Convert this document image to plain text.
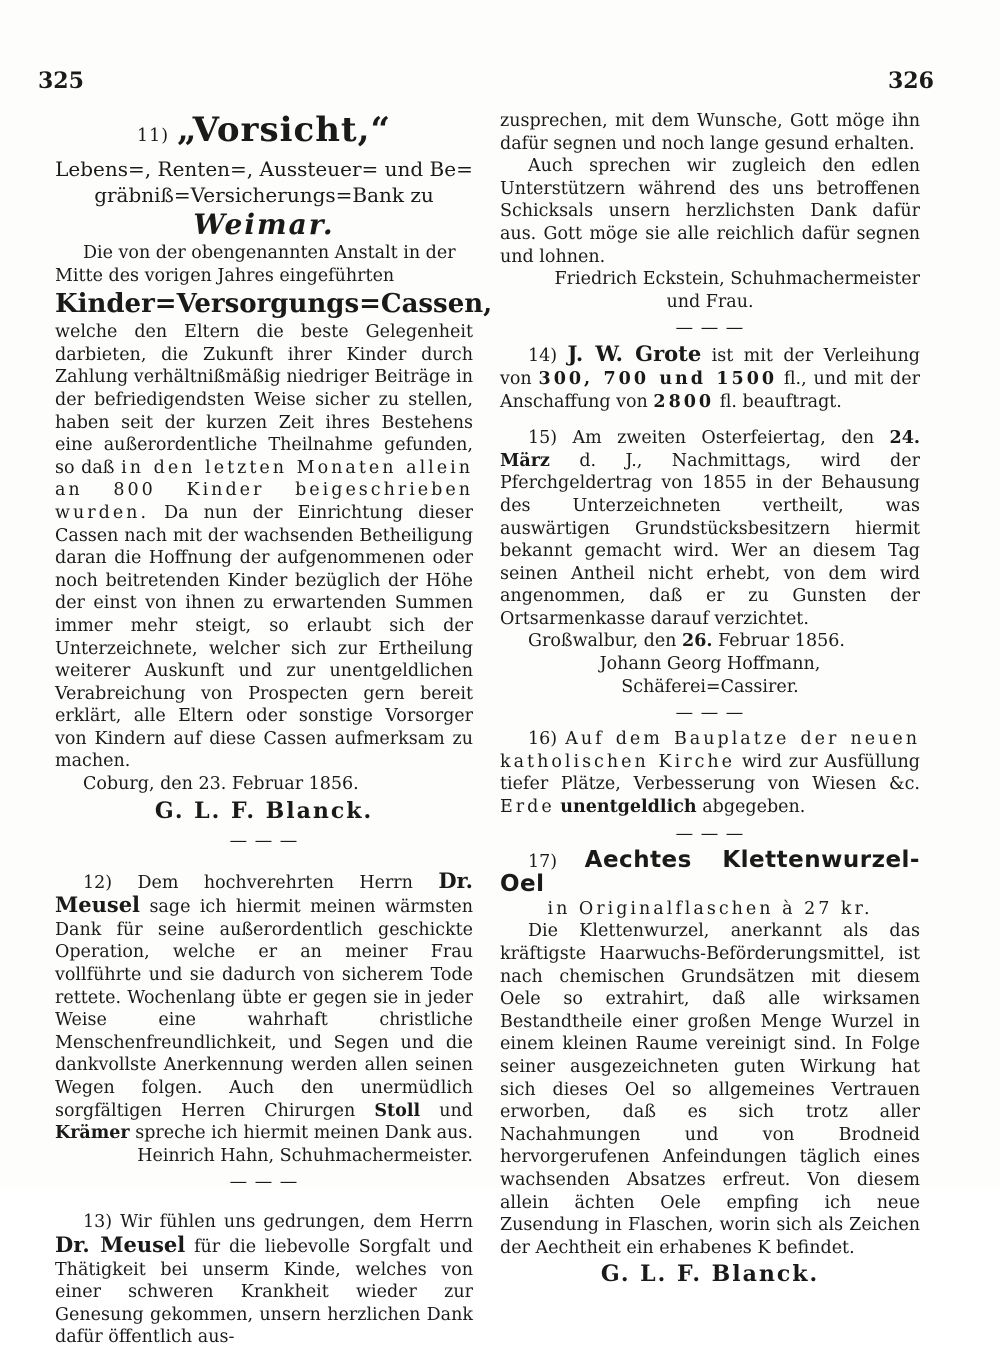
325	326
11) „Vorsicht,“
Lebens=, Renten=, Aussteuer= und Be=
gräbniß=Versicherungs=Bank zu
Weimar.

Die von der obengenannten Anstalt in der

Mitte des vorigen Jahres eingeführten

Kinder=Versorgungs=Cassen,

welche den Eltern die beste Gelegenheit darbieten, die Zukunft ihrer Kinder durch Zahlung verhältnißmäßig niedriger Beiträge in der befriedigendsten Weise sicher zu stellen, haben seit der kurzen Zeit ihres Bestehens eine außerordentliche Theilnahme gefunden, so daß in den letzten Monaten allein an 800 Kinder beigeschrieben wurden. Da nun der Einrichtung dieser Cassen nach mit der wachsenden Betheiligung daran die Hoffnung der aufgenommenen oder noch beitretenden Kinder bezüglich der Höhe der einst von ihnen zu erwartenden Summen immer mehr steigt, so erlaubt sich der Unterzeichnete, welcher sich zur Ertheilung weiterer Auskunft und zur unentgeldlichen Verabreichung von Prospecten gern bereit erklärt, alle Eltern oder sonstige Vorsorger von Kindern auf diese Cassen aufmerksam zu machen.

Coburg, den 23. Februar 1856.

G. L. F. Blanck.
— — —

12) Dem hochverehrten Herrn Dr. Meusel sage ich hiermit meinen wärmsten Dank für seine außerordentlich geschickte Operation, welche er an meiner Frau vollführte und sie dadurch von sicherem Tode rettete. Wochenlang übte er gegen sie in jeder Weise eine wahrhaft christliche Menschenfreundlichkeit, und Segen und die dankvollste Anerkennung werden allen seinen Wegen folgen. Auch den unermüdlich sorgfältigen Herren Chirurgen Stoll und Krämer spreche ich hiermit meinen Dank aus.

Heinrich Hahn, Schuhmachermeister.

— — —

13) Wir fühlen uns gedrungen, dem Herrn Dr. Meusel für die liebevolle Sorgfalt und Thätigkeit bei unserm Kinde, welches von einer schweren Krankheit wieder zur Genesung gekommen, unsern herzlichen Dank dafür öffentlich aus-

zusprechen, mit dem Wunsche, Gott möge ihn dafür segnen und noch lange gesund erhalten.

Auch sprechen wir zugleich den edlen Unterstützern während des uns betroffenen Schicksals unsern herzlichsten Dank dafür aus. Gott möge sie alle reichlich dafür segnen und lohnen.

Friedrich Eckstein, Schuhmachermeister

und Frau.

— — —

14) J. W. Grote ist mit der Verleihung von 300, 700 und 1500 fl., und mit der Anschaffung von 2800 fl. beauftragt.

15) Am zweiten Osterfeiertag, den 24. März d. J., Nachmittags, wird der Pferchgeldertrag von 1855 in der Behausung des Unterzeichneten vertheilt, was auswärtigen Grundstücksbesitzern hiermit bekannt gemacht wird. Wer an diesem Tag seinen Antheil nicht erhebt, von dem wird angenommen, daß er zu Gunsten der Ortsarmenkasse darauf verzichtet.

Großwalbur, den 26. Februar 1856.

Johann Georg Hoffmann,

Schäferei=Cassirer.

— — —

16) Auf dem Bauplatze der neuen katholischen Kirche wird zur Ausfüllung tiefer Plätze, Verbesserung von Wiesen &c. Erde unentgeldlich abgegeben.

— — —

17) Aechtes Klettenwurzel-Oel

in Originalflaschen à 27 kr.

Die Klettenwurzel, anerkannt als das kräftigste Haarwuchs-Beförderungsmittel, ist nach chemischen Grundsätzen mit diesem Oele so extrahirt, daß alle wirksamen Bestandtheile einer großen Menge Wurzel in einem kleinen Raume vereinigt sind. In Folge seiner ausgezeichneten guten Wirkung hat sich dieses Oel so allgemeines Vertrauen erworben, daß es sich trotz aller Nachahmungen und von Brodneid hervorgerufenen Anfeindungen täglich eines wachsenden Absatzes erfreut. Von diesem allein ächten Oele empfing ich neue Zusendung in Flaschen, worin sich als Zeichen der Aechtheit ein erhabenes K befindet.

G. L. F. Blanck.
